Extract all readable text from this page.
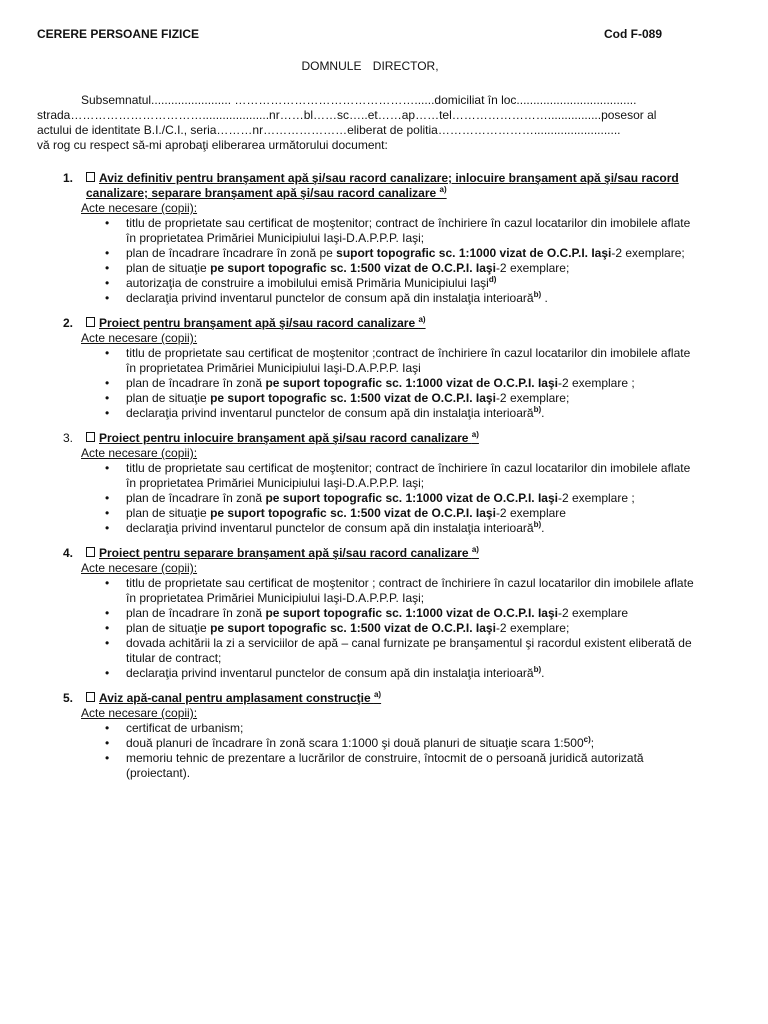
CERERE PERSOANE FIZICE	Cod F-089
DOMNULE DIRECTOR,

Subsemnatul........................ ………………………………………......domiciliat în loc....................................

strada……………………………....................nr……bl……sc…..et……ap……tel……………………................posesor al

actului de identitate B.I./C.I., seria………nr…………………eliberat de politia……………………..........................

vă rog cu respect să-mi aprobaţi eliberarea următorului document:

1. Aviz definitiv pentru branşament apă şi/sau racord canalizare; inlocuire branşament apă şi/sau racord canalizare; separare branşament apă şi/sau racord canalizare $^{a)}$
Acte necesare (copii):
• titlu de proprietate sau certificat de moştenitor; contract de închiriere în cazul locatarilor din imobilele aflate în proprietatea Primăriei Municipiului Iaşi-D.A.P.P.P. Iaşi;
• plan de încadrare încadrare în zonă pe suport topografic sc. 1:1000 vizat de O.C.P.I. Iaşi-2 exemplare;
• plan de situaţie pe suport topografic sc. 1:500 vizat de O.C.P.I. Iaşi-2 exemplare;
• autorizaţia de construire a imobilului emisă Primăria Municipiului Iaşi$^{d)}$
• declaraţia privind inventarul punctelor de consum apă din instalaţia interioară$^{b)}$ .
2. Proiect pentru branşament apă şi/sau racord canalizare $^{a)}$
Acte necesare (copii):
• titlu de proprietate sau certificat de moştenitor ;contract de închiriere în cazul locatarilor din imobilele aflate în proprietatea Primăriei Municipiului Iaşi-D.A.P.P.P. Iaşi
• plan de încadrare în zonă pe suport topografic sc. 1:1000 vizat de O.C.P.I. Iaşi-2 exemplare ;
• plan de situaţie pe suport topografic sc. 1:500 vizat de O.C.P.I. Iaşi-2 exemplare;
• declaraţia privind inventarul punctelor de consum apă din instalaţia interioară$^{b)}$.
3. Proiect pentru inlocuire branşament apă şi/sau racord canalizare $^{a)}$
Acte necesare (copii):
• titlu de proprietate sau certificat de moştenitor; contract de închiriere în cazul locatarilor din imobilele aflate în proprietatea Primăriei Municipiului Iaşi-D.A.P.P.P. Iaşi;
• plan de încadrare în zonă pe suport topografic sc. 1:1000 vizat de O.C.P.I. Iaşi-2 exemplare ;
• plan de situaţie pe suport topografic sc. 1:500 vizat de O.C.P.I. Iaşi-2 exemplare
• declaraţia privind inventarul punctelor de consum apă din instalaţia interioară$^{b)}$.
4. Proiect pentru separare branşament apă şi/sau racord canalizare $^{a)}$
Acte necesare (copii):
• titlu de proprietate sau certificat de moştenitor ; contract de închiriere în cazul locatarilor din imobilele aflate în proprietatea Primăriei Municipiului Iaşi-D.A.P.P.P. Iaşi;
• plan de încadrare în zonă pe suport topografic sc. 1:1000 vizat de O.C.P.I. Iaşi-2 exemplare
• plan de situaţie pe suport topografic sc. 1:500 vizat de O.C.P.I. Iaşi-2 exemplare;
• dovada achitării la zi a serviciilor de apă – canal furnizate pe branşamentul şi racordul existent eliberată de titular de contract;
• declaraţia privind inventarul punctelor de consum apă din instalaţia interioară$^{b)}$.
5. Aviz apă-canal pentru amplasament construcţie $^{a)}$
Acte necesare (copii):
• certificat de urbanism;
• două planuri de încadrare în zonă scara 1:1000 şi două planuri de situaţie scara 1:500$^{c)}$;
• memoriu tehnic de prezentare a lucrărilor de construire, întocmit de o persoană juridică autorizată (proiectant).
